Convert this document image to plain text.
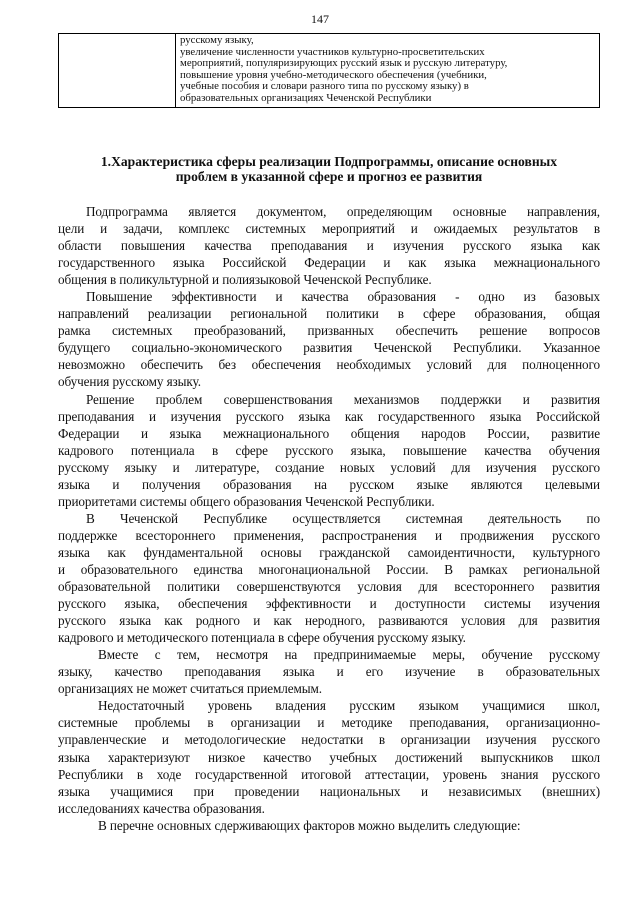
147

русскому языку,
увеличение численности участников культурно-просветительских
мероприятий, популяризирующих русский язык и русскую литературу,
повышение уровня учебно-методического обеспечения (учебники,
учебные пособия и словари разного типа по русскому языку) в
образовательных организациях Чеченской Республики
1.Характеристика сферы реализации Подпрограммы, описание основных
проблем в указанной сфере и прогноз ее развития

Подпрограмма является документом, определяющим основные направления,
цели и задачи, комплекс системных мероприятий и ожидаемых результатов в
области повышения качества преподавания и изучения русского языка как
государственного языка Российской Федерации и как языка межнационального
общения в поликультурной и полиязыковой Чеченской Республике.

Повышение эффективности и качества образования - одно из базовых
направлений реализации региональной политики в сфере образования, общая
рамка системных преобразований, призванных обеспечить решение вопросов
будущего социально-экономического развития Чеченской Республики. Указанное
невозможно обеспечить без обеспечения необходимых условий для полноценного
обучения русскому языку.

Решение проблем совершенствования механизмов поддержки и развития
преподавания и изучения русского языка как государственного языка Российской
Федерации и языка межнационального общения народов России, развитие
кадрового потенциала в сфере русского языка, повышение качества обучения
русскому языку и литературе, создание новых условий для изучения русского
языка и получения образования на русском языке являются целевыми
приоритетами системы общего образования Чеченской Республики.

В Чеченской Республике осуществляется системная деятельность по
поддержке всестороннего применения, распространения и продвижения русского
языка как фундаментальной основы гражданской самоидентичности, культурного
и образовательного единства многонациональной России. В рамках региональной
образовательной политики совершенствуются условия для всестороннего развития
русского языка, обеспечения эффективности и доступности системы изучения
русского языка как родного и как неродного, развиваются условия для развития
кадрового и методического потенциала в сфере обучения русскому языку.

Вместе с тем, несмотря на предпринимаемые меры, обучение русскому
языку, качество преподавания языка и его изучение в образовательных
организациях не может считаться приемлемым.

Недостаточный уровень владения русским языком учащимися школ,
системные проблемы в организации и методике преподавания, организационно-
управленческие и методологические недостатки в организации изучения русского
языка характеризуют низкое качество учебных достижений выпускников школ
Республики в ходе государственной итоговой аттестации, уровень знания русского
языка учащимися при проведении национальных и независимых (внешних)
исследованиях качества образования.

В перечне основных сдерживающих факторов можно выделить следующие:
